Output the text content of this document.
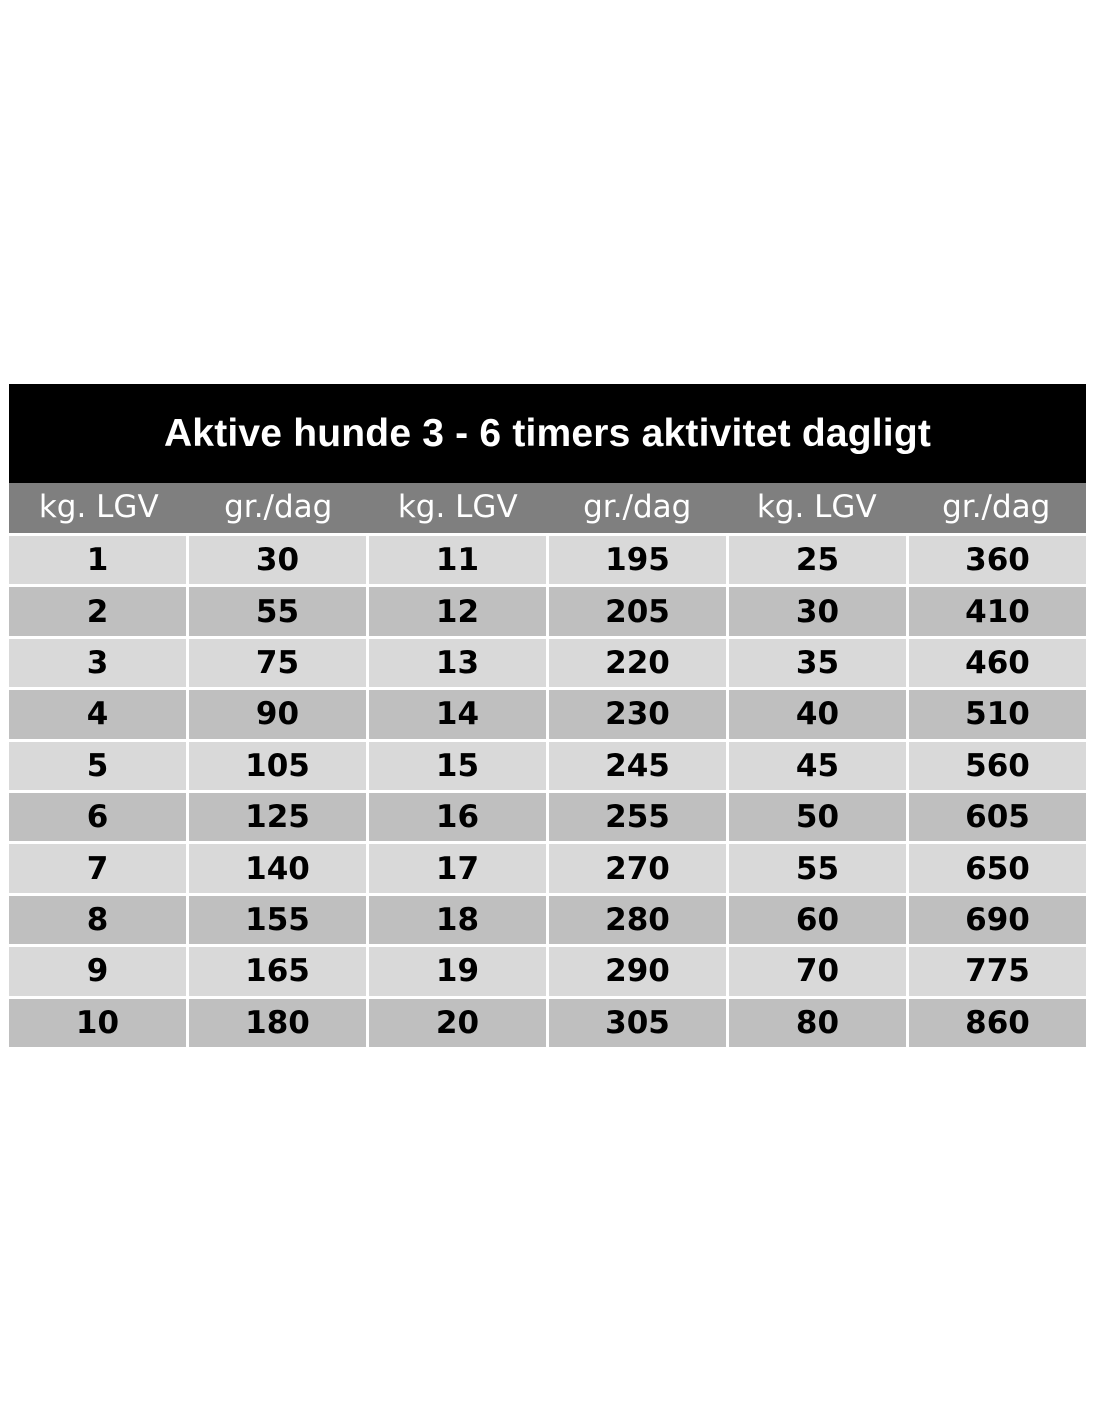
Aktive hunde 3 - 6 timers aktivitet dagligt
kg. LGV	gr./dag	kg. LGV	gr./dag	kg. LGV	gr./dag
1	30	11	195	25	360
2	55	12	205	30	410
3	75	13	220	35	460
4	90	14	230	40	510
5	105	15	245	45	560
6	125	16	255	50	605
7	140	17	270	55	650
8	155	18	280	60	690
9	165	19	290	70	775
10	180	20	305	80	860
